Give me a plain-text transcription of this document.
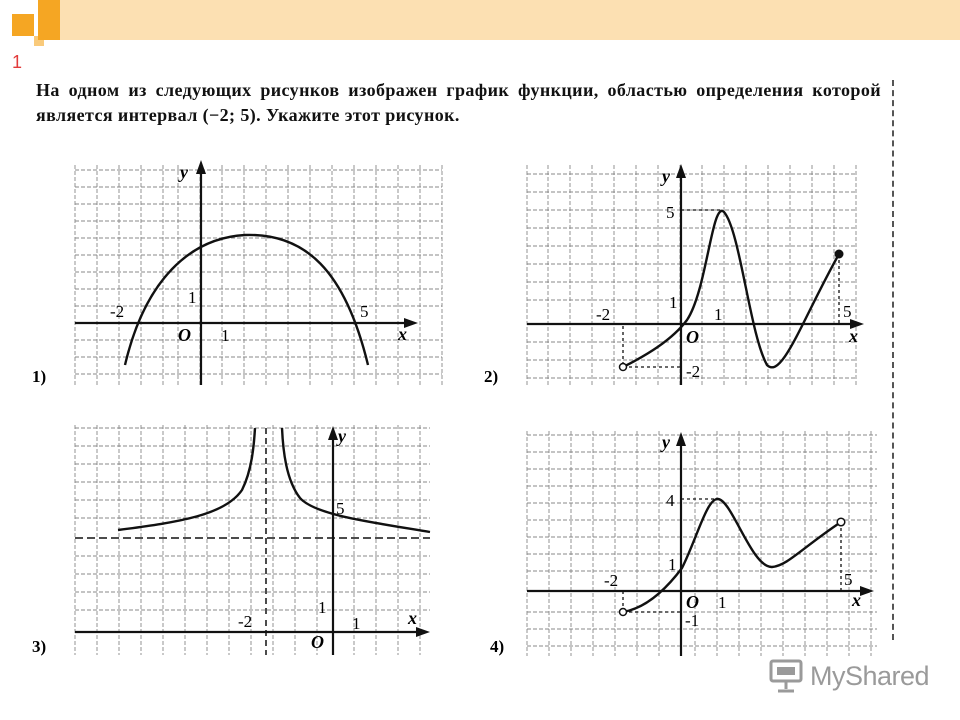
1
На одном из следующих рисунков изображен график функции, областью определения которой является интервал (−2; 5). Укажите этот рисунок.
y
x
O
-2
1
1
5
1)
y
x
O
-2
1
1
5
5
-2
2)
y
x
O
-2
1
1
5
3)
y
x
O
-2
1
1
4
5
-1
4)
MyShared
